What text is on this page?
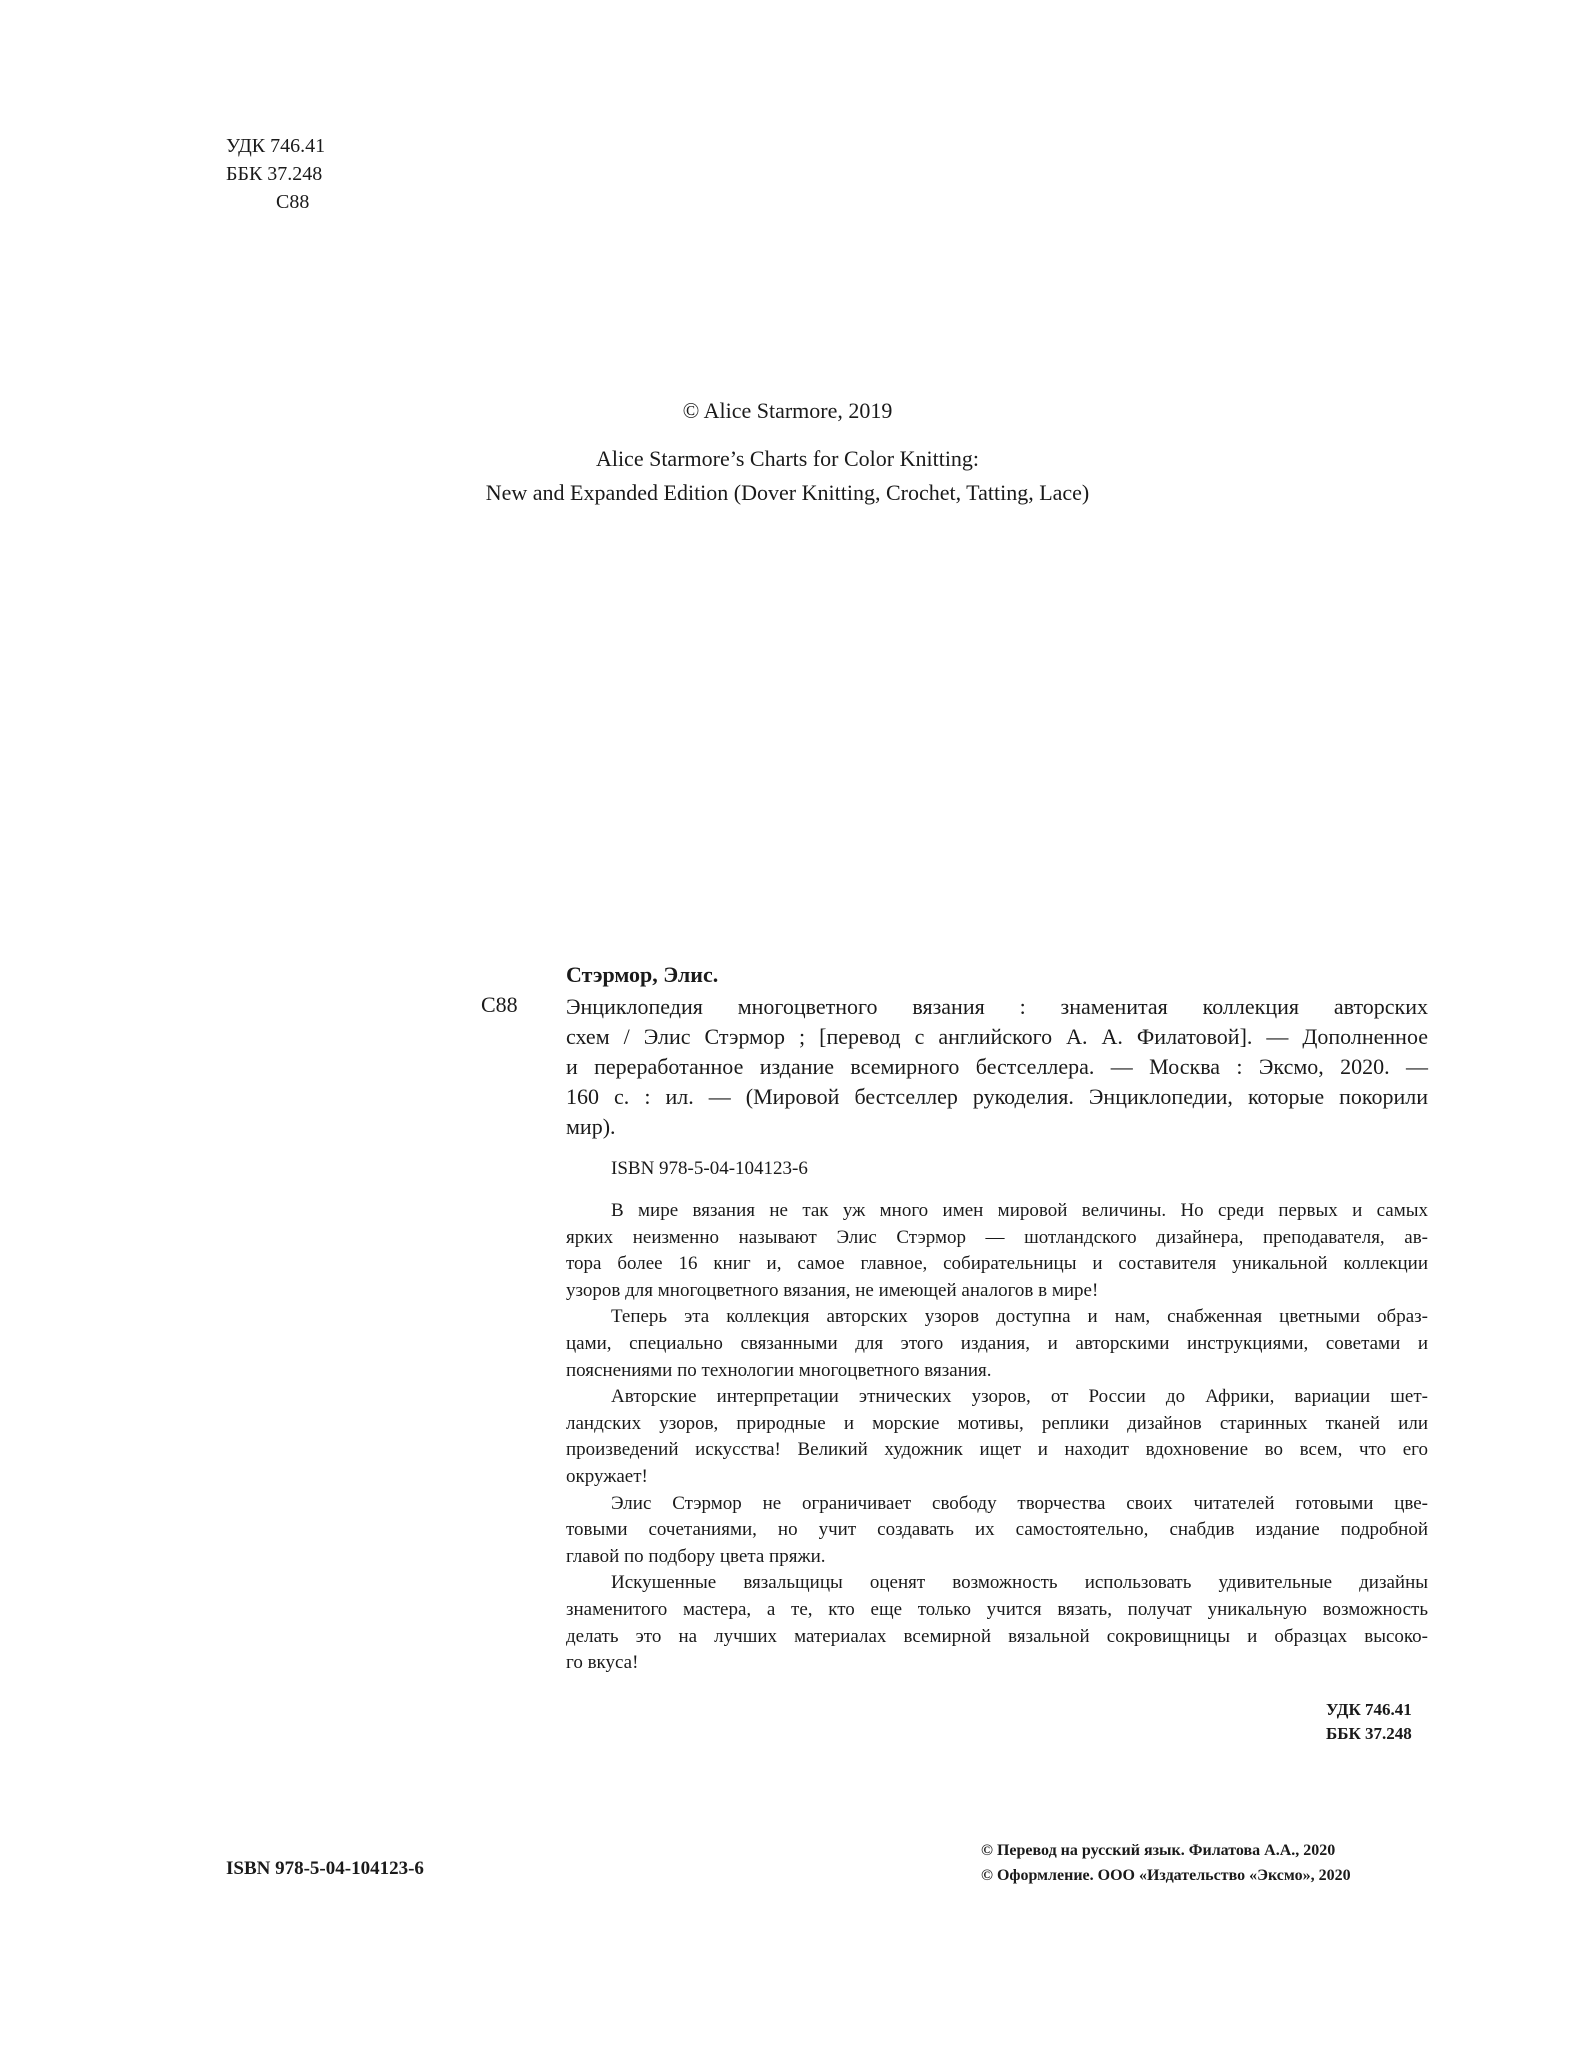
УДК 746.41
ББК 37.248
С88
© Alice Starmore, 2019
Alice Starmore’s Charts for Color Knitting:
New and Expanded Edition (Dover Knitting, Crochet, Tatting, Lace)
Стэрмор, Элис.
С88 Энциклопедия многоцветного вязания : знаменитая коллекция авторских
схем / Элис Стэрмор ; [перевод с английского А. А. Филатовой]. — Дополненное
и переработанное издание всемирного бестселлера. — Москва : Эксмо, 2020. —
160 с. : ил. — (Мировой бестселлер рукоделия. Энциклопедии, которые покорили
мир).
ISBN 978-5-04-104123-6
В мире вязания не так уж много имен мировой величины. Но среди первых и самых
ярких неизменно называют Элис Стэрмор — шотландского дизайнера, преподавателя, ав-
тора более 16 книг и, самое главное, собирательницы и составителя уникальной коллекции
узоров для многоцветного вязания, не имеющей аналогов в мире!
Теперь эта коллекция авторских узоров доступна и нам, снабженная цветными образ-
цами, специально связанными для этого издания, и авторскими инструкциями, советами и
пояснениями по технологии многоцветного вязания.
Авторские интерпретации этнических узоров, от России до Африки, вариации шет-
ландских узоров, природные и морские мотивы, реплики дизайнов старинных тканей или
произведений искусства! Великий художник ищет и находит вдохновение во всем, что его
окружает!
Элис Стэрмор не ограничивает свободу творчества своих читателей готовыми цве-
товыми сочетаниями, но учит создавать их самостоятельно, снабдив издание подробной
главой по подбору цвета пряжи.
Искушенные вязальщицы оценят возможность использовать удивительные дизайны
знаменитого мастера, а те, кто еще только учится вязать, получат уникальную возможность
делать это на лучших материалах всемирной вязальной сокровищницы и образцах высоко-
го вкуса!
УДК 746.41
ББК 37.248
ISBN 978-5-04-104123-6
© Перевод на русский язык. Филатова А.А., 2020
© Оформление. ООО «Издательство «Эксмо», 2020
